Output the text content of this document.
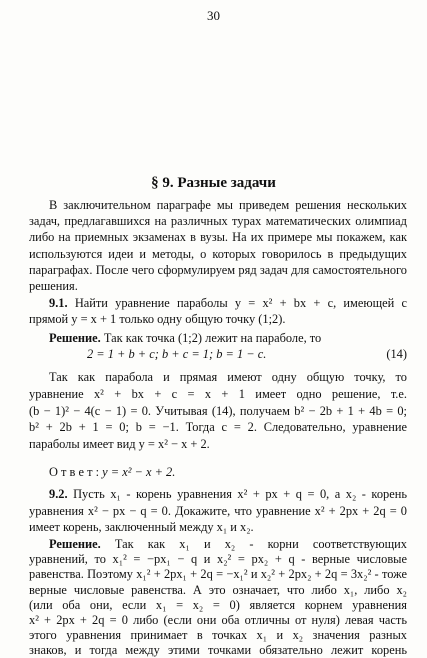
30
§ 9. Разные задачи
В заключительном параграфе мы приведем решения нескольких задач, предлагавшихся на различных турах математических олимпиад либо на приемных экзаменах в вузы. На их примере мы покажем, как используются идеи и методы, о которых говорилось в предыдущих параграфах. После чего сформулируем ряд задач для самостоятельного решения.
9.1. Найти уравнение параболы y = x² + bx + c, имеющей с
прямой y = x + 1 только одну общую точку (1;2).
Решение. Так как точка (1;2) лежит на параболе, то
2 = 1 + b + c; b + c = 1; b = 1 − c.	(14)
Так как парабола и прямая имеют одну общую точку, то
уравнение x² + bx + c = x + 1 имеет одно решение, т.е.
(b − 1)² − 4(c − 1) = 0. Учитывая (14), получаем b² − 2b + 1 + 4b = 0;
b² + 2b + 1 = 0; b = −1. Тогда c = 2. Следовательно, уравнение
параболы имеет вид y = x² − x + 2.
О т в е т : y = x² − x + 2.
9.2. Пусть x₁ - корень уравнения x² + px + q = 0, а x₂ - корень
уравнения x² − px − q = 0. Докажите, что уравнение x² + 2px + 2q = 0
имеет корень, заключенный между x₁ и x₂.
Решение. Так как x₁ и x₂ - корни соответствующих
уравнений, то x₁² = −px₁ − q и x₂² = px₂ + q - верные числовые
равенства. Поэтому x₁² + 2px₁ + 2q = −x₁² и x₂² + 2px₂ + 2q = 3x₂² - тоже
верные числовые равенства. А это означает, что либо x₁, либо x₂
(или оба они, если x₁ = x₂ = 0) является корнем уравнения
x² + 2px + 2q = 0 либо (если они оба отличны от нуля) левая часть
этого уравнения принимает в точках x₁ и x₂ значения разных
знаков, и тогда между этими точками обязательно лежит корень
